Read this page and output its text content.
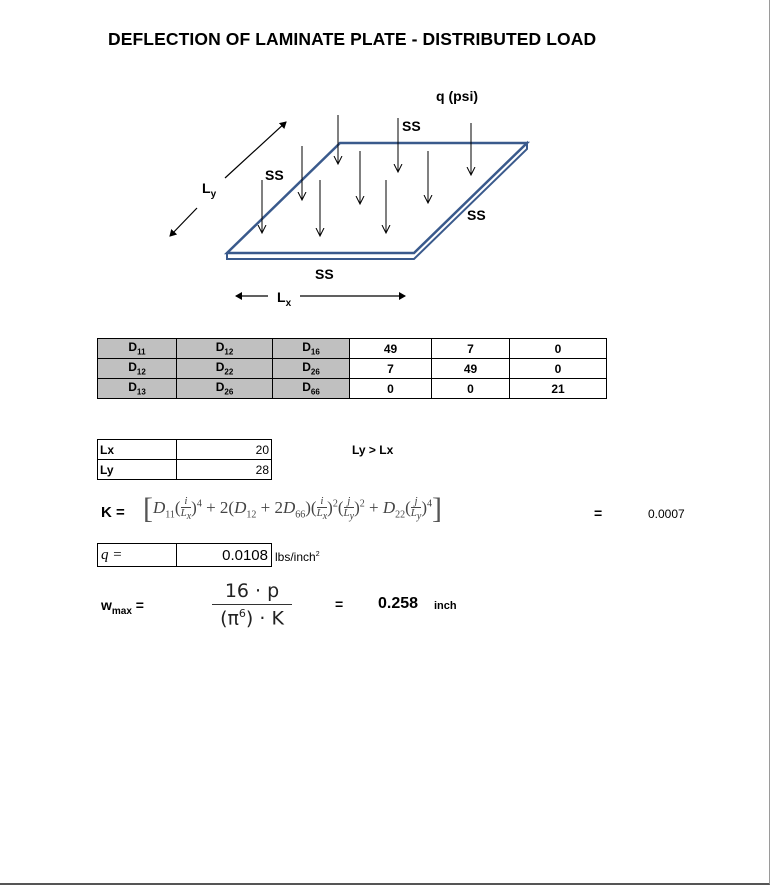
DEFLECTION OF LAMINATE PLATE - DISTRIBUTED LOAD
q (psi)
SS
SS
SS
SS
$L_y$
$L_x$
$D_{11}$	$D_{12}$	$D_{16}$	49	7	0
$D_{12}$	$D_{22}$	$D_{26}$	7	49	0
$D_{13}$	$D_{26}$	$D_{66}$	0	0	21
Lx	20
Ly	28
Ly > Lx
$K = [D_{11}( \frac{i}{L_x} )^4 + 2(D_{12} + 2D_{66})( \frac{i}{L_x} )^2( \frac{j}{L_y} )^2 + D_{22}( \frac{j}{L_y} )^4]$	=	0.0007
q =	0.0108 lbs/inch$^2$
$w_{max}$ =	$\frac{16 \cdot p}{(\pi^6) \cdot K}$	= 0.258 inch
